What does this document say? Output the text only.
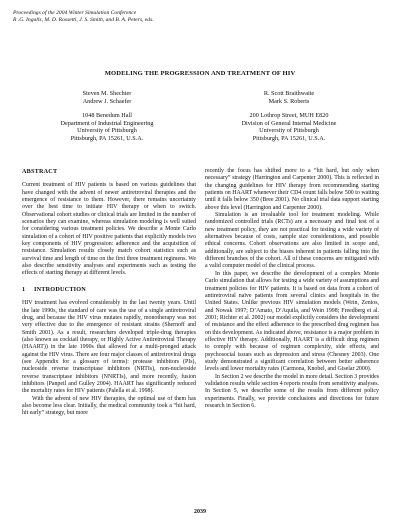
Proceedings of the 2004 Winter Simulation Conference
R .G. Ingalls, M. D. Rossetti, J. S. Smith, and B. A. Peters, eds.
MODELING THE PROGRESSION AND TREATMENT OF HIV
Steven M. Shechter
Andrew J. Schaefer
1048 Benedum Hall
Department of Industrial Engineering
University of Pittsburgh
Pittsburgh, PA 15261, U.S.A.
R. Scott Braithwaite
Mark S. Roberts
200 Lothrop Street, MUH E820
Division of General Internal Medicine
University of Pittsburgh
Pittsburgh, PA 15261, U.S.A.
ABSTRACT

Current treatment of HIV patients is based on various guidelines that have changed with the advent of newer antiretroviral therapies and the emergence of resistance to them. However, there remains uncertainty over the best time to initiate HIV therapy or when to switch. Observational cohort studies or clinical trials are limited in the number of scenarios they can examine, whereas simulation modeling is well suited for considering various treatment policies. We describe a Monte Carlo simulation of a cohort of HIV positive patients that explicitly models two key components of HIV progression: adherence and the acquisition of resistance. Simulation results closely match cohort statistics such as survival time and length of time on the first three treatment regimens. We also describe sensitivity analyses and experiments such as testing the effects of starting therapy at different levels.

1     INTRODUCTION

HIV treatment has evolved considerably in the last twenty years. Until the late 1990s, the standard of care was the use of a single antiretroviral drug, and because the HIV virus mutates rapidly, monotherapy was not very effective due to the emergence of resistant strains (Shernoff and Smith 2001). As a result, researchers developed triple-drug therapies (also known as cocktail therapy, or Highly Active Antiretroviral Therapy (HAART)) in the late 1990s that allowed for a multi-pronged attack against the HIV virus. There are four major classes of antiretroviral drugs (see Appendix for a glossary of terms): protease inhibitors (PIs), nucleoside reverse transcriptase inhibitors (NRTIs), non-nucleoside reverse transcriptase inhibitors (NNRTIs), and more recently, fusion inhibitors (Panpeil and Gulley 2004). HAART has significantly reduced the mortality rates for HIV patients (Palella et al. 1998).

With the advent of new HIV therapies, the optimal use of them has also become less clear. Initially, the medical community took a “hit hard, hit early” strategy, but more

recently the focus has shifted more to a “hit hard, but only when necessary” strategy (Harrington and Carpenter 2000). This is reflected in the changing guidelines for HIV therapy from recommending starting patients on HAART whenever their CD4 count falls below 500 to waiting until it falls below 350 (Bree 2001). No clinical trial data support starting above this level (Harrington and Carpenter 2000).

Simulation is an invaluable tool for treatment modeling. While randomized controlled trials (RCTs) are a necessary and final test of a new treatment policy, they are not practical for testing a wide variety of alternatives because of costs, sample size considerations, and possible ethical concerns. Cohort observations are also limited in scope and, additionally, are subject to the biases inherent in patients falling into the different branches of the cohort. All of these concerns are mitigated with a valid computer model of the clinical process.

In this paper, we describe the development of a complex Monte Carlo simulation that allows for testing a wide variety of assumptions and treatment policies for HIV patients. It is based on data from a cohort of antiretroviral naïve patients from several clinics and hospitals in the United States. Unlike previous HIV simulation models (Wein, Zenios, and Nowak 1997; D’Amato, D’Aquila, and Wein 1998; Freedberg et al. 2001; Richter et al. 2002) our model explicitly considers the development of resistance and the effect adherence to the prescribed drug regimen has on this development. As indicated above, resistance is a major problem in effective HIV therapy. Additionally, HAART is a difficult drug regimen to comply with because of regimen complexity, side effects, and psychosocial issues such as depression and stress (Chesney 2003). One study demonstrated a significant correlation between better adherence levels and lower mortality rates (Carmona, Knobel, and Giselar 2000).

In Section 2 we describe the model in more detail. Section 3 provides validation results while section 4 reports results from sensitivity analyses. In Section 5, we describe some of the results from different policy experiments. Finally, we provide conclusions and directions for future research in Section 6.

2039
